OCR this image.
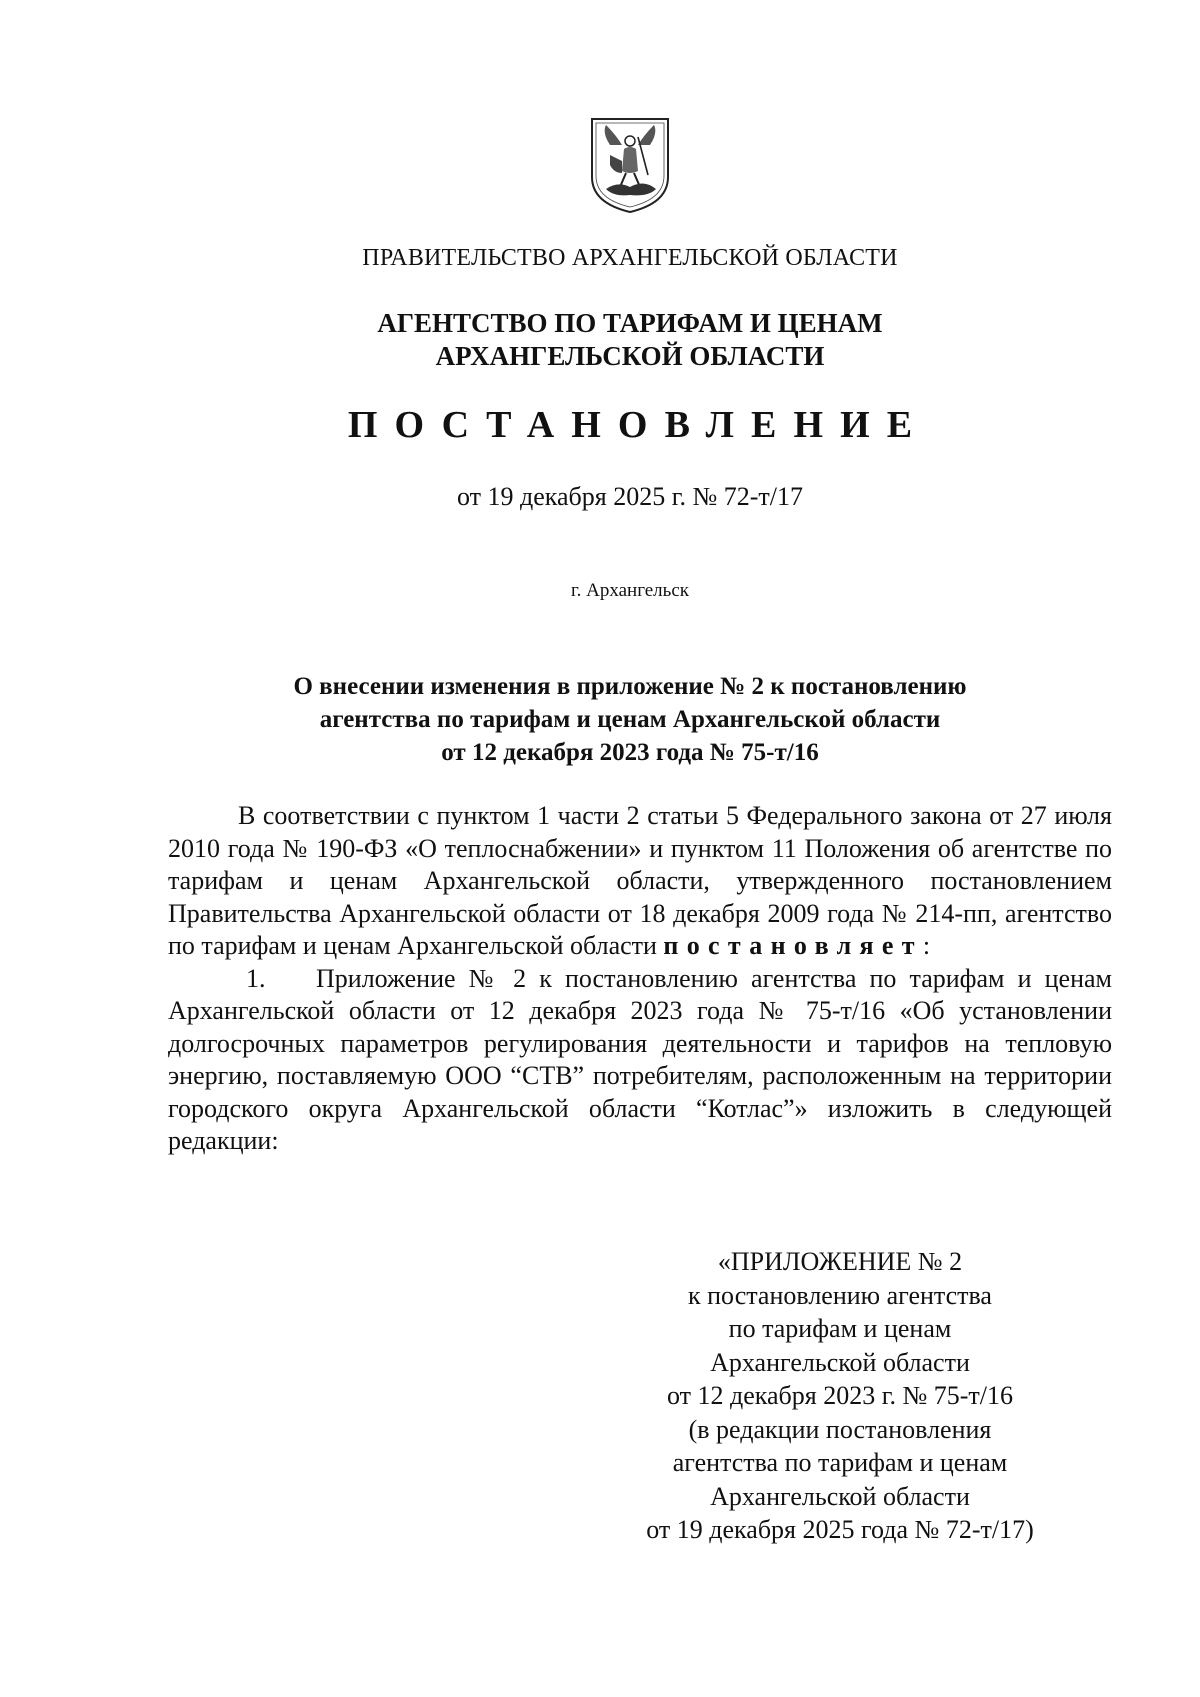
ПРАВИТЕЛЬСТВО АРХАНГЕЛЬСКОЙ ОБЛАСТИ
АГЕНТСТВО ПО ТАРИФАМ И ЦЕНАМ
АРХАНГЕЛЬСКОЙ ОБЛАСТИ
ПОСТАНОВЛЕНИЕ
от 19 декабря 2025 г. № 72-т/17
г. Архангельск
О внесении изменения в приложение № 2 к постановлению
агентства по тарифам и ценам Архангельской области
от 12 декабря 2023 года № 75-т/16

В соответствии с пунктом 1 части 2 статьи 5 Федерального закона от 27 июля 2010 года № 190-ФЗ «О теплоснабжении» и пунктом 11 Положения об агентстве по тарифам и ценам Архангельской области, утвержденного постановлением Правительства Архангельской области от 18 декабря 2009 года № 214-пп, агентство по тарифам и ценам Архангельской области постановляет:

1. Приложение № 2 к постановлению агентства по тарифам и ценам Архангельской области от 12 декабря 2023 года № 75-т/16 «Об установлении долгосрочных параметров регулирования деятельности и тарифов на тепловую энергию, поставляемую ООО “СТВ” потребителям, расположенным на территории городского округа Архангельской области “Котлас”» изложить в следующей редакции:

«ПРИЛОЖЕНИЕ № 2
к постановлению агентства
по тарифам и ценам
Архангельской области
от 12 декабря 2023 г. № 75-т/16
(в редакции постановления
агентства по тарифам и ценам
Архангельской области
от 19 декабря 2025 года № 72-т/17)
